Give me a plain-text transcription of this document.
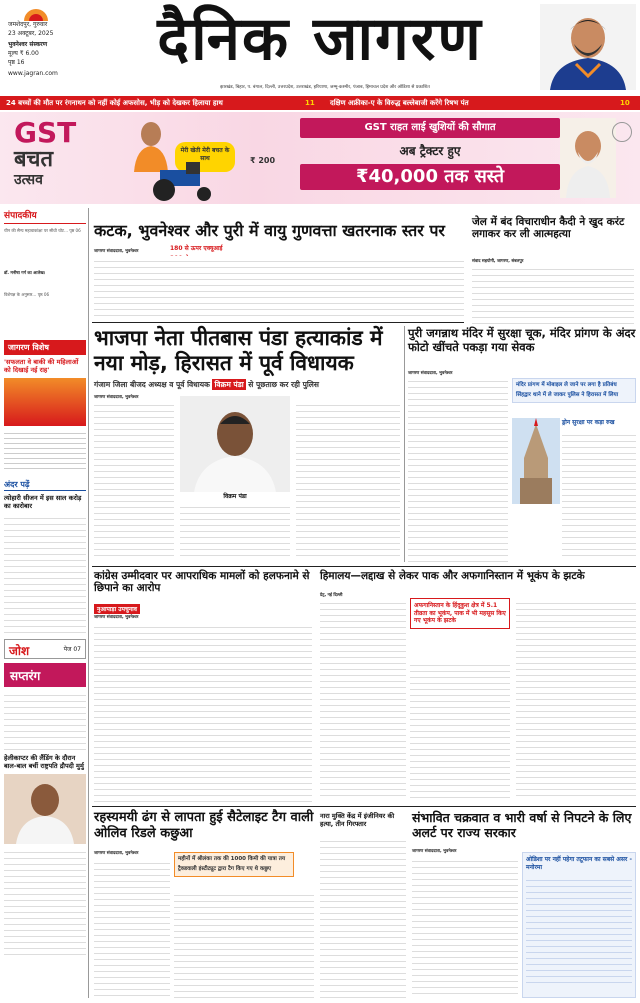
जमशेदपुर, गुरुवार
23 अक्टूबर, 2025
भुवनेश्वर संस्करण
मूल्य ₹ 6.00
पृष्ठ 16
www.jagran.com	दैनिक जागरण
झारखंड, बिहार, प. बंगाल, दिल्ली, उत्तरप्रदेश, उत्तराखंड, हरियाणा, जम्मू-कश्मीर, पंजाब, हिमाचल प्रदेश और ओडिशा से प्रकाशित
24 बच्चों की मौत पर रंगनाथन को नहीं कोई अफसोस, भीड़ को देखकर हिलाया हाथ	11 दक्षिण अफ्रीका-ए के विरुद्ध बल्लेबाजी करेंगे रिषभ पंत	10
GST
बचत
उत्सव
मेरी खेती मेरी बचत के साथ	₹ 200
GST राहत लाई खुशियों की सौगात
अब ट्रैक्टर हुए
₹40,000 तक सस्ते
संपादकीय
चीन की सैन्य महत्वाकांक्षा पर सीधी चोट... पृष्ठ 06
डॉ. मनीषा गर्ग का आलेख।
विशेषज्ञ के अनुसार... पृष्ठ 06
जागरण विशेष
'सफलता वे बाकी की महिलाओं को दिखाई नई राह'
अंदर पढ़ें
त्योहारी सीजन में इस साल करोड़ का कारोबार
जोश	पेज 07
सप्तरंग
हेलीकाप्टर की लैंडिंग के दौरान बाल-बाल बचीं राष्ट्रपति द्रौपदी मुर्मु
कटक, भुवनेश्वर और पुरी में वायु गुणवत्ता खतरनाक स्तर पर
180 से ऊपर एक्यूआई
जागरण संवाददाता, भुवनेश्वर
जेल में बंद विचाराधीन कैदी ने खुद करंट लगाकर कर ली आत्महत्या
संवाद सहयोगी, जागरण, संबलपुर
भाजपा नेता पीतबास पंडा हत्याकांड में नया मोड़, हिरासत में पूर्व विधायक
गंजाम जिला बीजद अध्यक्ष व पूर्व विधायक विक्रम पंडा से पूछताछ कर रही पुलिस
जागरण संवाददाता, भुवनेश्वर
विक्रम पंडा
पुरी जगन्नाथ मंदिर में सुरक्षा चूक, मंदिर प्रांगण के अंदर फोटो खींचते पकड़ा गया सेवक
जागरण संवाददाता, भुवनेश्वर
मंदिर प्रांगण में मोबाइल ले जाने पर लगा है प्रतिबंध
सिंहद्वार थाने में ले जाकर पुलिस ने हिरासत में लिया
ड्रोन सुरक्षा पर कड़ा रुख
कांग्रेस उम्मीदवार पर आपराधिक मामलों को हलफनामे से छिपाने का आरोप
नुआपाड़ा उपचुनाव
जागरण संवाददाता, भुवनेश्वर
हिमालय—लद्दाख से लेकर पाक और अफगानिस्तान में भूकंप के झटके
प्रेट्र, नई दिल्ली
अफगानिस्तान के हिंदूकुश क्षेत्र में 5.1 तीव्रता का भूकंप, पाक में भी महसूस किए गए भूकंप के झटके
रहस्यमयी ढंग से लापता हुई सैटेलाइट टैग वाली ओलिव रिडले कछुआ
जागरण संवाददाता, भुवनेश्वर
महीनों में श्रीलंका तक की 1000 किमी की यात्रा तय
ट्रैक्डवाली इंस्टीट्यूट द्वारा टैग किए गए थे कछुए
नारा मुक्ति केंद्र में इंजीनियर की हत्या, तीन गिरफ्तार	संभावित चक्रवात व भारी वर्षा से निपटने के लिए अलर्ट पर राज्य सरकार
जागरण संवाददाता, भुवनेश्वर
ओडिशा पर नहीं पहेगा तटूफान का सबसे असर - मनोरमा
